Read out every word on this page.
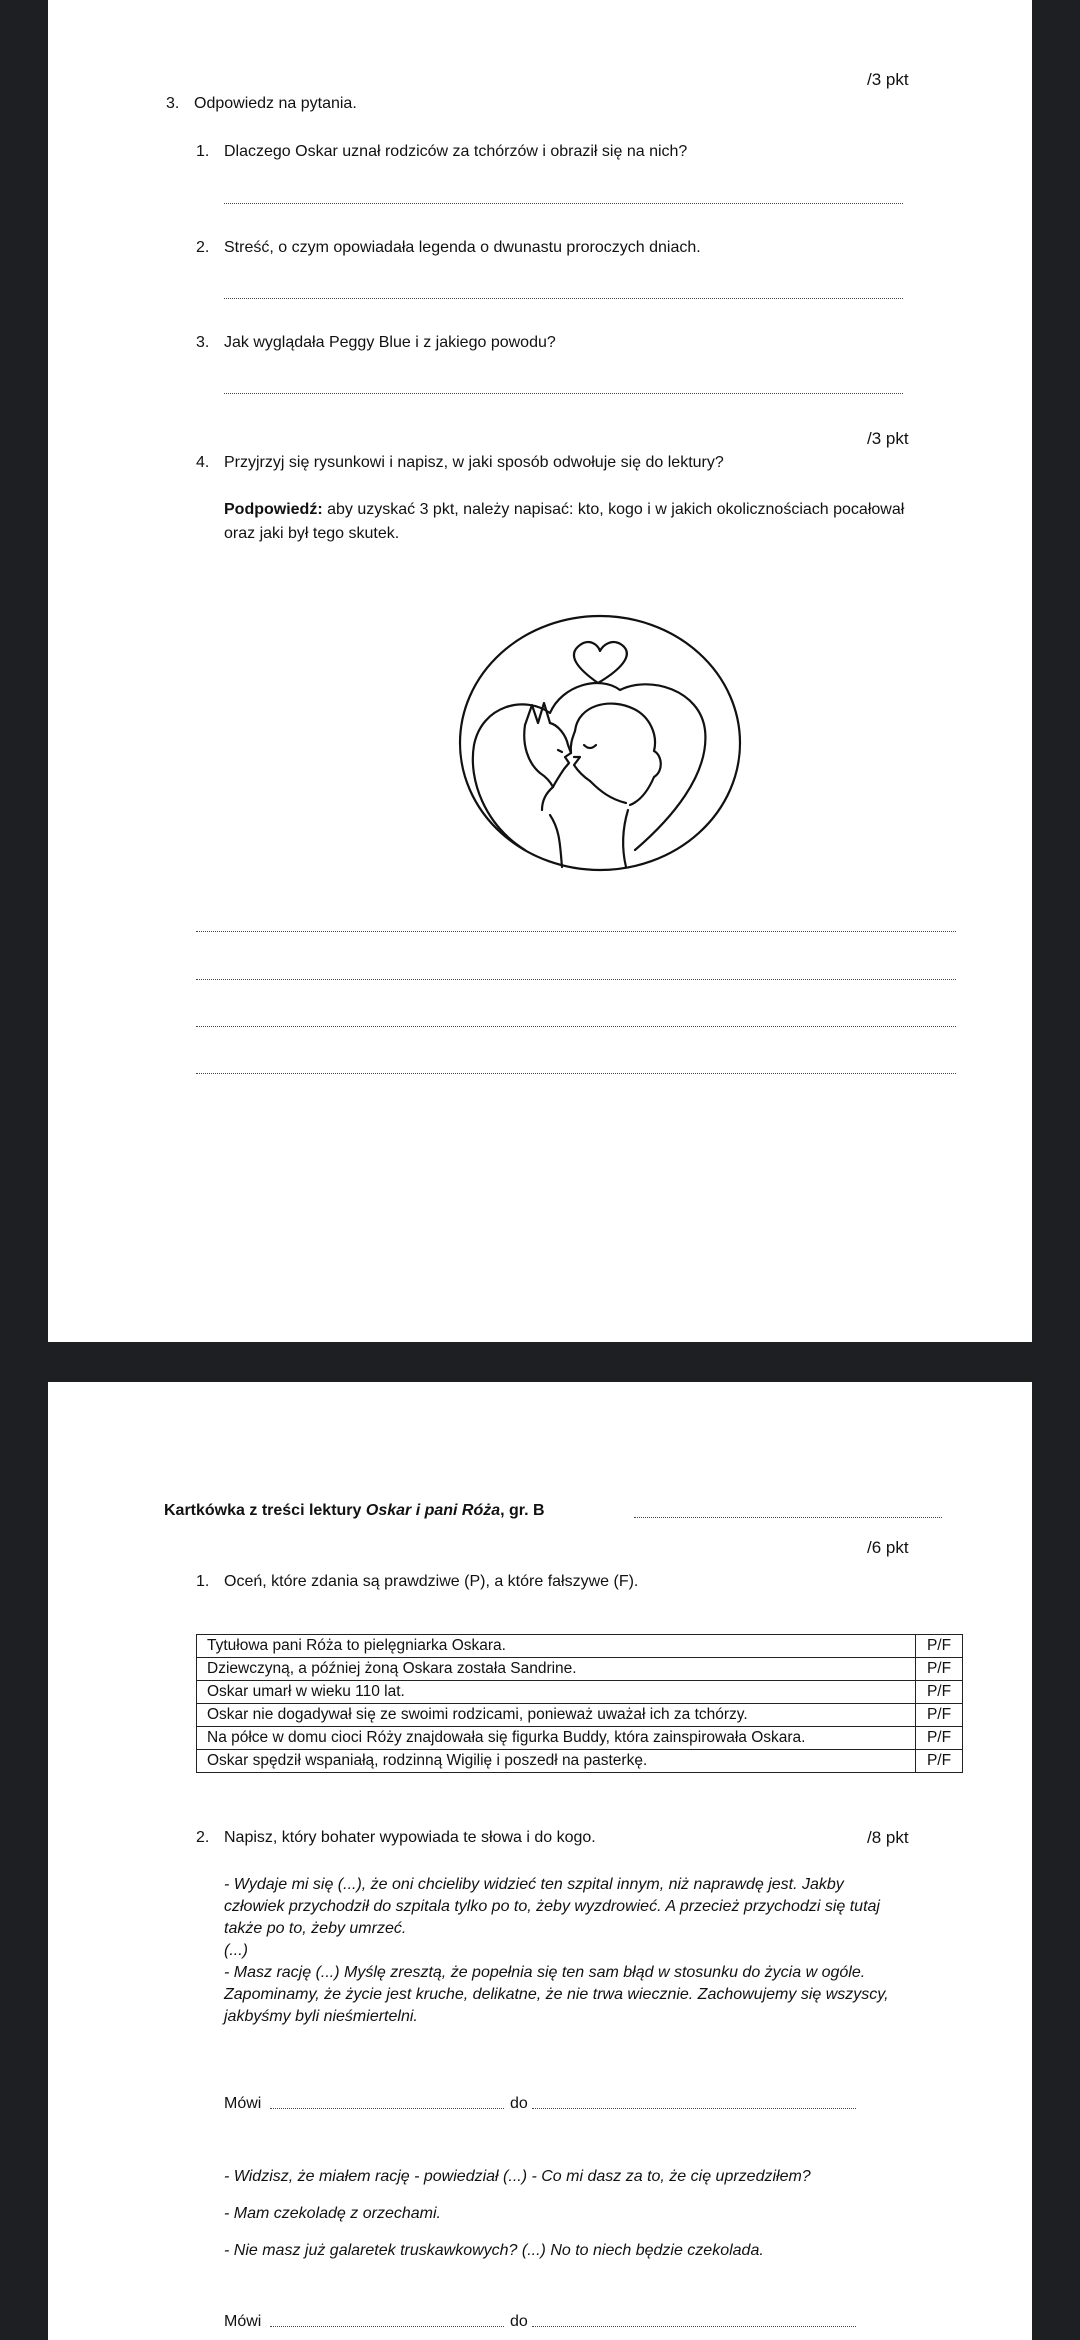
/3 pkt
3. Odpowiedz na pytania.
1. Dlaczego Oskar uznał rodziców za tchórzów i obraził się na nich?
2. Streść, o czym opowiadała legenda o dwunastu proroczych dniach.
3. Jak wyglądała Peggy Blue i z jakiego powodu?
/3 pkt
4. Przyjrzyj się rysunkowi i napisz, w jaki sposób odwołuje się do lektury?
Podpowiedź: aby uzyskać 3 pkt, należy napisać: kto, kogo i w jakich okolicznościach pocałował
oraz jaki był tego skutek.
Kartkówka z treści lektury Oskar i pani Róża, gr. B
/6 pkt
1. Oceń, które zdania są prawdziwe (P), a które fałszywe (F).
Tytułowa pani Róża to pielęgniarka Oskara.	P/F
Dziewczyną, a później żoną Oskara została Sandrine.	P/F
Oskar umarł w wieku 110 lat.	P/F
Oskar nie dogadywał się ze swoimi rodzicami, ponieważ uważał ich za tchórzy.	P/F
Na półce w domu cioci Róży znajdowała się figurka Buddy, która zainspirowała Oskara.	P/F
Oskar spędził wspaniałą, rodzinną Wigilię i poszedł na pasterkę.	P/F
2. Napisz, który bohater wypowiada te słowa i do kogo.	/8 pkt
- Wydaje mi się (...), że oni chcieliby widzieć ten szpital innym, niż naprawdę jest. Jakby
człowiek przychodził do szpitala tylko po to, żeby wyzdrowieć. A przecież przychodzi się tutaj
także po to, żeby umrzeć.
(...)
- Masz rację (...) Myślę zresztą, że popełnia się ten sam błąd w stosunku do życia w ogóle.
Zapominamy, że życie jest kruche, delikatne, że nie trwa wiecznie. Zachowujemy się wszyscy,
jakbyśmy byli nieśmiertelni.
Mówi	do
- Widzisz, że miałem rację - powiedział (...) - Co mi dasz za to, że cię uprzedziłem?
- Mam czekoladę z orzechami.
- Nie masz już galaretek truskawkowych? (...) No to niech będzie czekolada.
Mówi	do
